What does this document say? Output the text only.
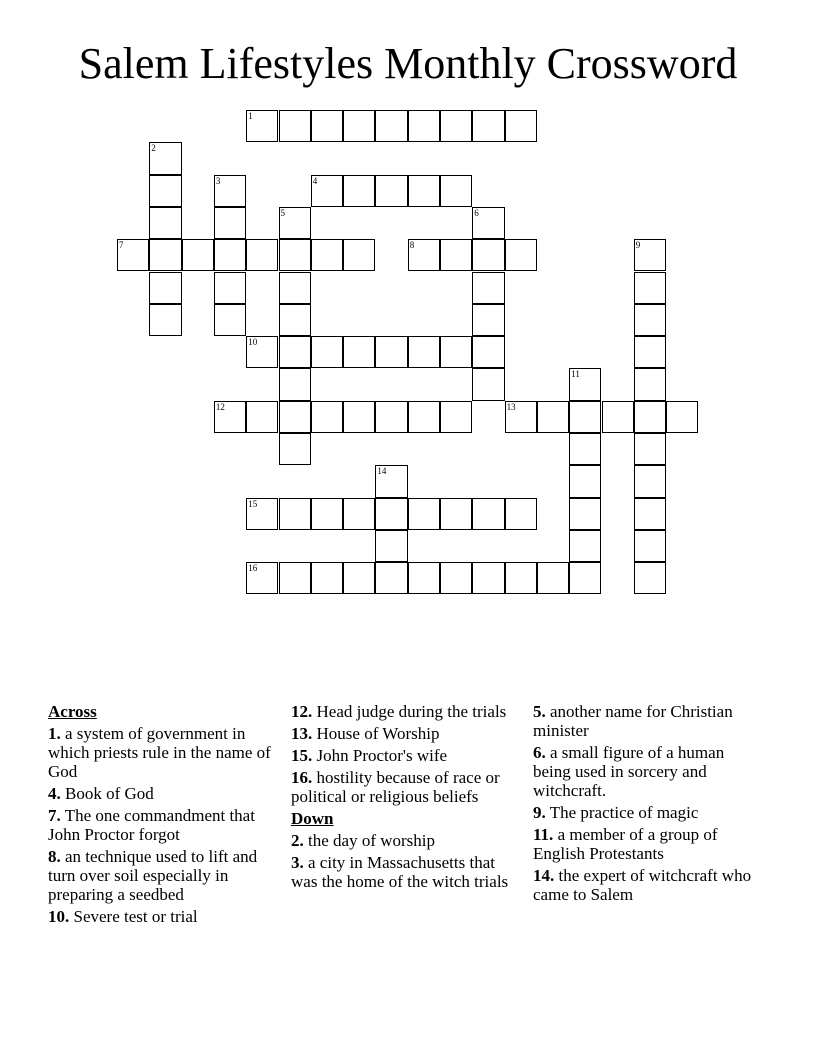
Salem Lifestyles Monthly Crossword
1
2
3	4
5	6
7	8	9
10
11
12	13
14
15
16
Across
1. a system of government in which priests rule in the name of God
4. Book of God
7. The one commandment that John Proctor forgot
8. an technique used to lift and turn over soil especially in preparing a seedbed
10. Severe test or trial
12. Head judge during the trials
13. House of Worship
15. John Proctor's wife
16. hostility because of race or political or religious beliefs
Down
2. the day of worship
3. a city in Massachusetts that was the home of the witch trials
5. another name for Christian minister
6. a small figure of a human being used in sorcery and witchcraft.
9. The practice of magic
11. a member of a group of English Protestants
14. the expert of witchcraft who came to Salem
